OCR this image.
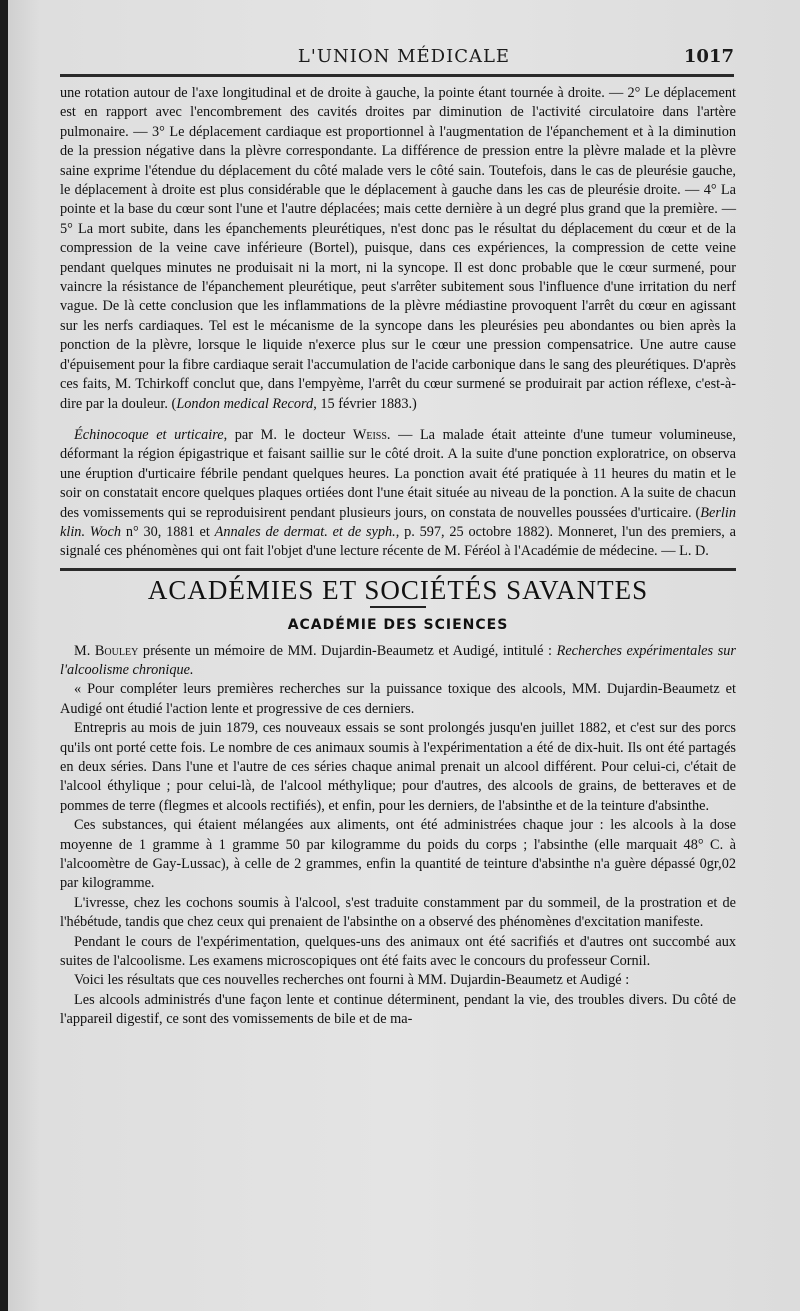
L'UNION MÉDICALE	1017

une rotation autour de l'axe longitudinal et de droite à gauche, la pointe étant tournée à droite. — 2° Le déplacement est en rapport avec l'encombrement des cavités droites par diminution de l'activité circulatoire dans l'artère pulmonaire. — 3° Le déplacement cardiaque est proportionnel à l'augmentation de l'épanchement et à la diminution de la pression négative dans la plèvre correspondante. La différence de pression entre la plèvre malade et la plèvre saine exprime l'étendue du déplacement du côté malade vers le côté sain. Toutefois, dans le cas de pleurésie gauche, le déplacement à droite est plus considérable que le déplacement à gauche dans les cas de pleurésie droite. — 4° La pointe et la base du cœur sont l'une et l'autre déplacées; mais cette dernière à un degré plus grand que la première. — 5° La mort subite, dans les épanchements pleurétiques, n'est donc pas le résultat du déplacement du cœur et de la compression de la veine cave inférieure (Bortel), puisque, dans ces expériences, la compression de cette veine pendant quelques minutes ne produisait ni la mort, ni la syncope. Il est donc probable que le cœur surmené, pour vaincre la résistance de l'épanchement pleurétique, peut s'arrêter subitement sous l'influence d'une irritation du nerf vague. De là cette conclusion que les inflammations de la plèvre médiastine provoquent l'arrêt du cœur en agissant sur les nerfs cardiaques. Tel est le mécanisme de la syncope dans les pleurésies peu abondantes ou bien après la ponction de la plèvre, lorsque le liquide n'exerce plus sur le cœur une pression compensatrice. Une autre cause d'épuisement pour la fibre cardiaque serait l'accumulation de l'acide carbonique dans le sang des pleurétiques. D'après ces faits, M. Tchirkoff conclut que, dans l'empyème, l'arrêt du cœur surmené se produirait par action réflexe, c'est-à-dire par la douleur. (London medical Record, 15 février 1883.)

Échinocoque et urticaire, par M. le docteur Weiss. — La malade était atteinte d'une tumeur volumineuse, déformant la région épigastrique et faisant saillie sur le côté droit. A la suite d'une ponction exploratrice, on observa une éruption d'urticaire fébrile pendant quelques heures. La ponction avait été pratiquée à 11 heures du matin et le soir on constatait encore quelques plaques ortiées dont l'une était située au niveau de la ponction. A la suite de chacun des vomissements qui se reproduisirent pendant plusieurs jours, on constata de nouvelles poussées d'urticaire. (Berlin klin. Woch n° 30, 1881 et Annales de dermat. et de syph., p. 597, 25 octobre 1882). Monneret, l'un des premiers, a signalé ces phénomènes qui ont fait l'objet d'une lecture récente de M. Féréol à l'Académie de médecine. — L. D.

ACADÉMIES ET SOCIÉTÉS SAVANTES
ACADÉMIE DES SCIENCES

M. Bouley présente un mémoire de MM. Dujardin-Beaumetz et Audigé, intitulé : Recherches expérimentales sur l'alcoolisme chronique.

« Pour compléter leurs premières recherches sur la puissance toxique des alcools, MM. Dujardin-Beaumetz et Audigé ont étudié l'action lente et progressive de ces derniers.

Entrepris au mois de juin 1879, ces nouveaux essais se sont prolongés jusqu'en juillet 1882, et c'est sur des porcs qu'ils ont porté cette fois. Le nombre de ces animaux soumis à l'expérimentation a été de dix-huit. Ils ont été partagés en deux séries. Dans l'une et l'autre de ces séries chaque animal prenait un alcool différent. Pour celui-ci, c'était de l'alcool éthylique ; pour celui-là, de l'alcool méthylique; pour d'autres, des alcools de grains, de betteraves et de pommes de terre (flegmes et alcools rectifiés), et enfin, pour les derniers, de l'absinthe et de la teinture d'absinthe.

Ces substances, qui étaient mélangées aux aliments, ont été administrées chaque jour : les alcools à la dose moyenne de 1 gramme à 1 gramme 50 par kilogramme du poids du corps ; l'absinthe (elle marquait 48° C. à l'alcoomètre de Gay-Lussac), à celle de 2 grammes, enfin la quantité de teinture d'absinthe n'a guère dépassé 0gr,02 par kilogramme.

L'ivresse, chez les cochons soumis à l'alcool, s'est traduite constamment par du sommeil, de la prostration et de l'hébétude, tandis que chez ceux qui prenaient de l'absinthe on a observé des phénomènes d'excitation manifeste.

Pendant le cours de l'expérimentation, quelques-uns des animaux ont été sacrifiés et d'autres ont succombé aux suites de l'alcoolisme. Les examens microscopiques ont été faits avec le concours du professeur Cornil.

Voici les résultats que ces nouvelles recherches ont fourni à MM. Dujardin-Beaumetz et Audigé :

Les alcools administrés d'une façon lente et continue déterminent, pendant la vie, des troubles divers. Du côté de l'appareil digestif, ce sont des vomissements de bile et de ma-
